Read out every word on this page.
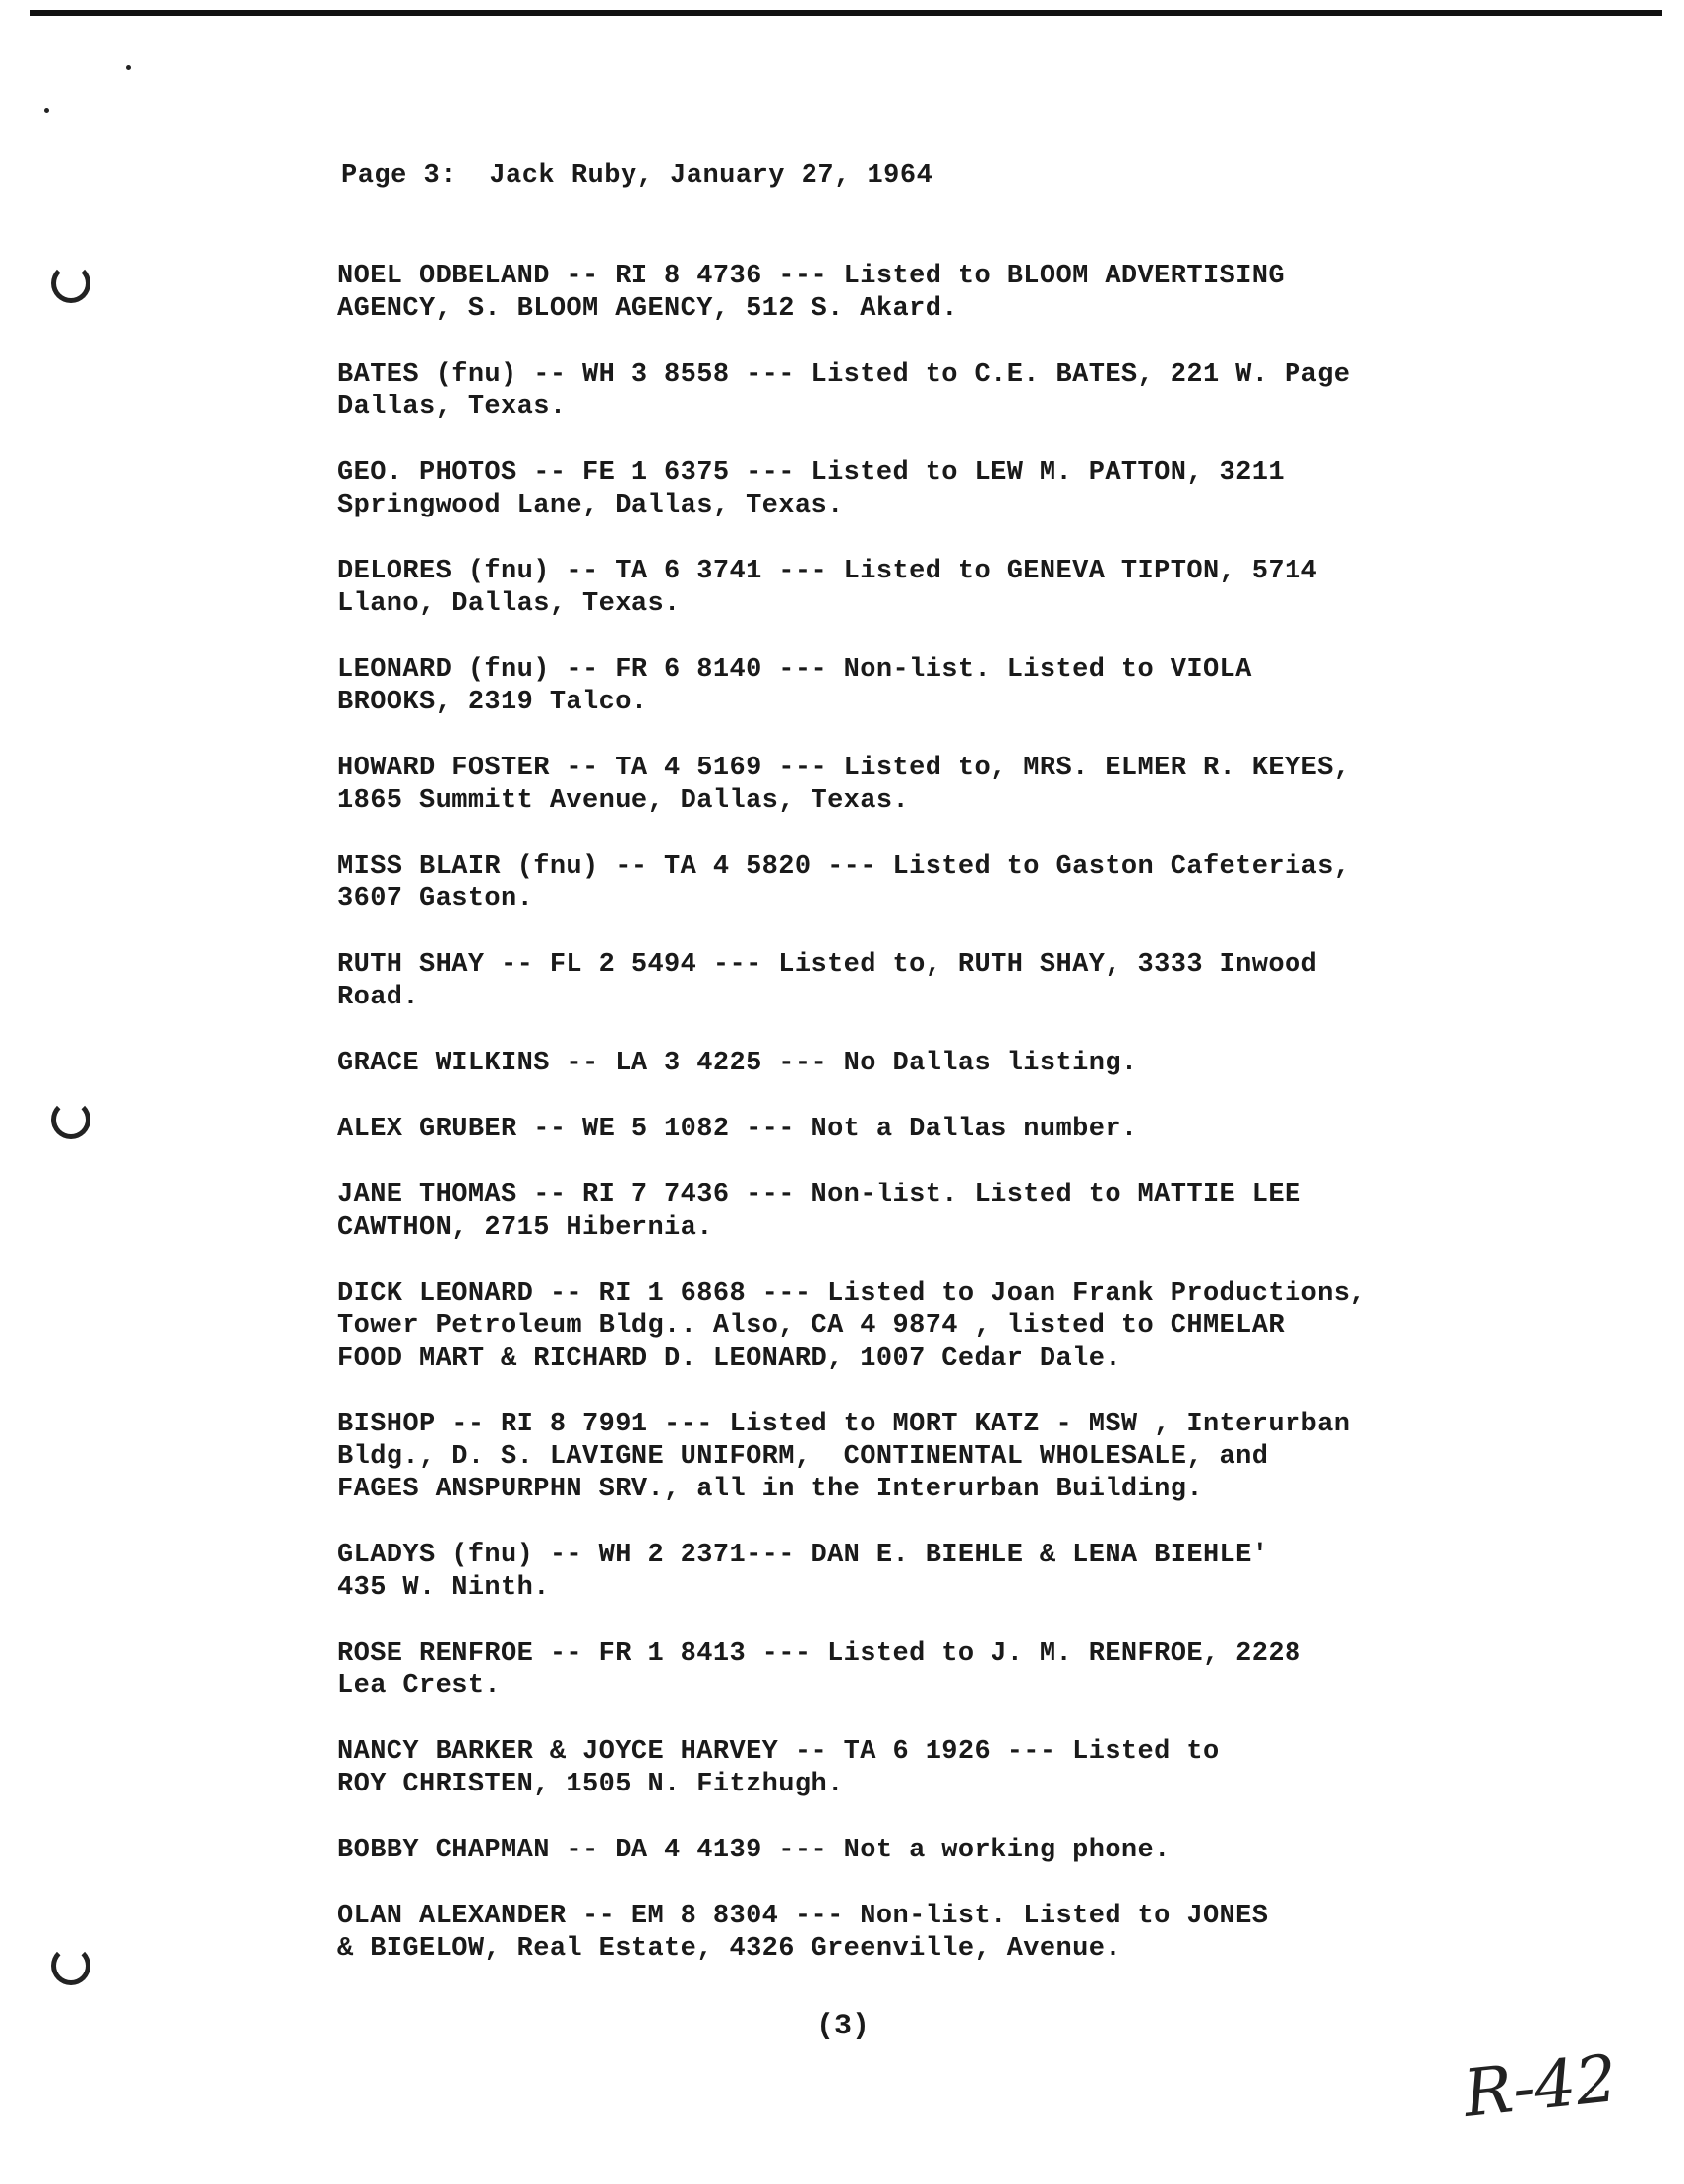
Page 3:  Jack Ruby, January 27, 1964
NOEL ODBELAND -- RI 8 4736 --- Listed to BLOOM ADVERTISING
AGENCY, S. BLOOM AGENCY, 512 S. Akard.
BATES (fnu) -- WH 3 8558 --- Listed to C.E. BATES, 221 W. Page
Dallas, Texas.
GEO. PHOTOS -- FE 1 6375 --- Listed to LEW M. PATTON, 3211
Springwood Lane, Dallas, Texas.
DELORES (fnu) -- TA 6 3741 --- Listed to GENEVA TIPTON, 5714
Llano, Dallas, Texas.
LEONARD (fnu) -- FR 6 8140 --- Non-list. Listed to VIOLA
BROOKS, 2319 Talco.
HOWARD FOSTER -- TA 4 5169 --- Listed to, MRS. ELMER R. KEYES,
1865 Summitt Avenue, Dallas, Texas.
MISS BLAIR (fnu) -- TA 4 5820 --- Listed to Gaston Cafeterias,
3607 Gaston.
RUTH SHAY -- FL 2 5494 --- Listed to, RUTH SHAY, 3333 Inwood
Road.
GRACE WILKINS -- LA 3 4225 --- No Dallas listing.
ALEX GRUBER -- WE 5 1082 --- Not a Dallas number.
JANE THOMAS -- RI 7 7436 --- Non-list. Listed to MATTIE LEE
CAWTHON, 2715 Hibernia.
DICK LEONARD -- RI 1 6868 --- Listed to Joan Frank Productions,
Tower Petroleum Bldg.. Also, CA 4 9874 , listed to CHMELAR
FOOD MART & RICHARD D. LEONARD, 1007 Cedar Dale.
BISHOP -- RI 8 7991 --- Listed to MORT KATZ - MSW , Interurban
Bldg., D. S. LAVIGNE UNIFORM,  CONTINENTAL WHOLESALE, and
FAGES ANSPURPHN SRV., all in the Interurban Building.
GLADYS (fnu) -- WH 2 2371--- DAN E. BIEHLE & LENA BIEHLE'
435 W. Ninth.
ROSE RENFROE -- FR 1 8413 --- Listed to J. M. RENFROE, 2228
Lea Crest.
NANCY BARKER & JOYCE HARVEY -- TA 6 1926 --- Listed to
ROY CHRISTEN, 1505 N. Fitzhugh.
BOBBY CHAPMAN -- DA 4 4139 --- Not a working phone.
OLAN ALEXANDER -- EM 8 8304 --- Non-list. Listed to JONES
& BIGELOW, Real Estate, 4326 Greenville, Avenue.
(3)
R-42
